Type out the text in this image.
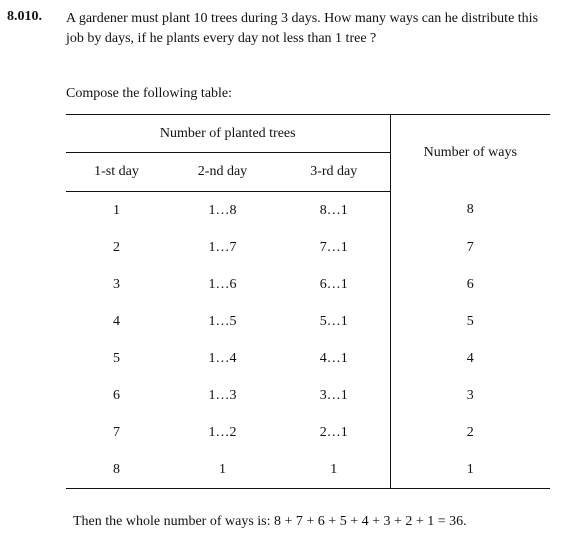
8.010. A gardener must plant 10 trees during 3 days. How many ways can he distribute this job by days, if he plants every day not less than 1 tree ?
Compose the following table:
Number of planted trees			Number of ways
1-st day	2-nd day	3-rd day	
1	1…8	8…1	8
2	1…7	7…1	7
3	1…6	6…1	6
4	1…5	5…1	5
5	1…4	4…1	4
6	1…3	3…1	3
7	1…2	2…1	2
8	1	1	1
Then the whole number of ways is: 8 + 7 + 6 + 5 + 4 + 3 + 2 + 1 = 36.
